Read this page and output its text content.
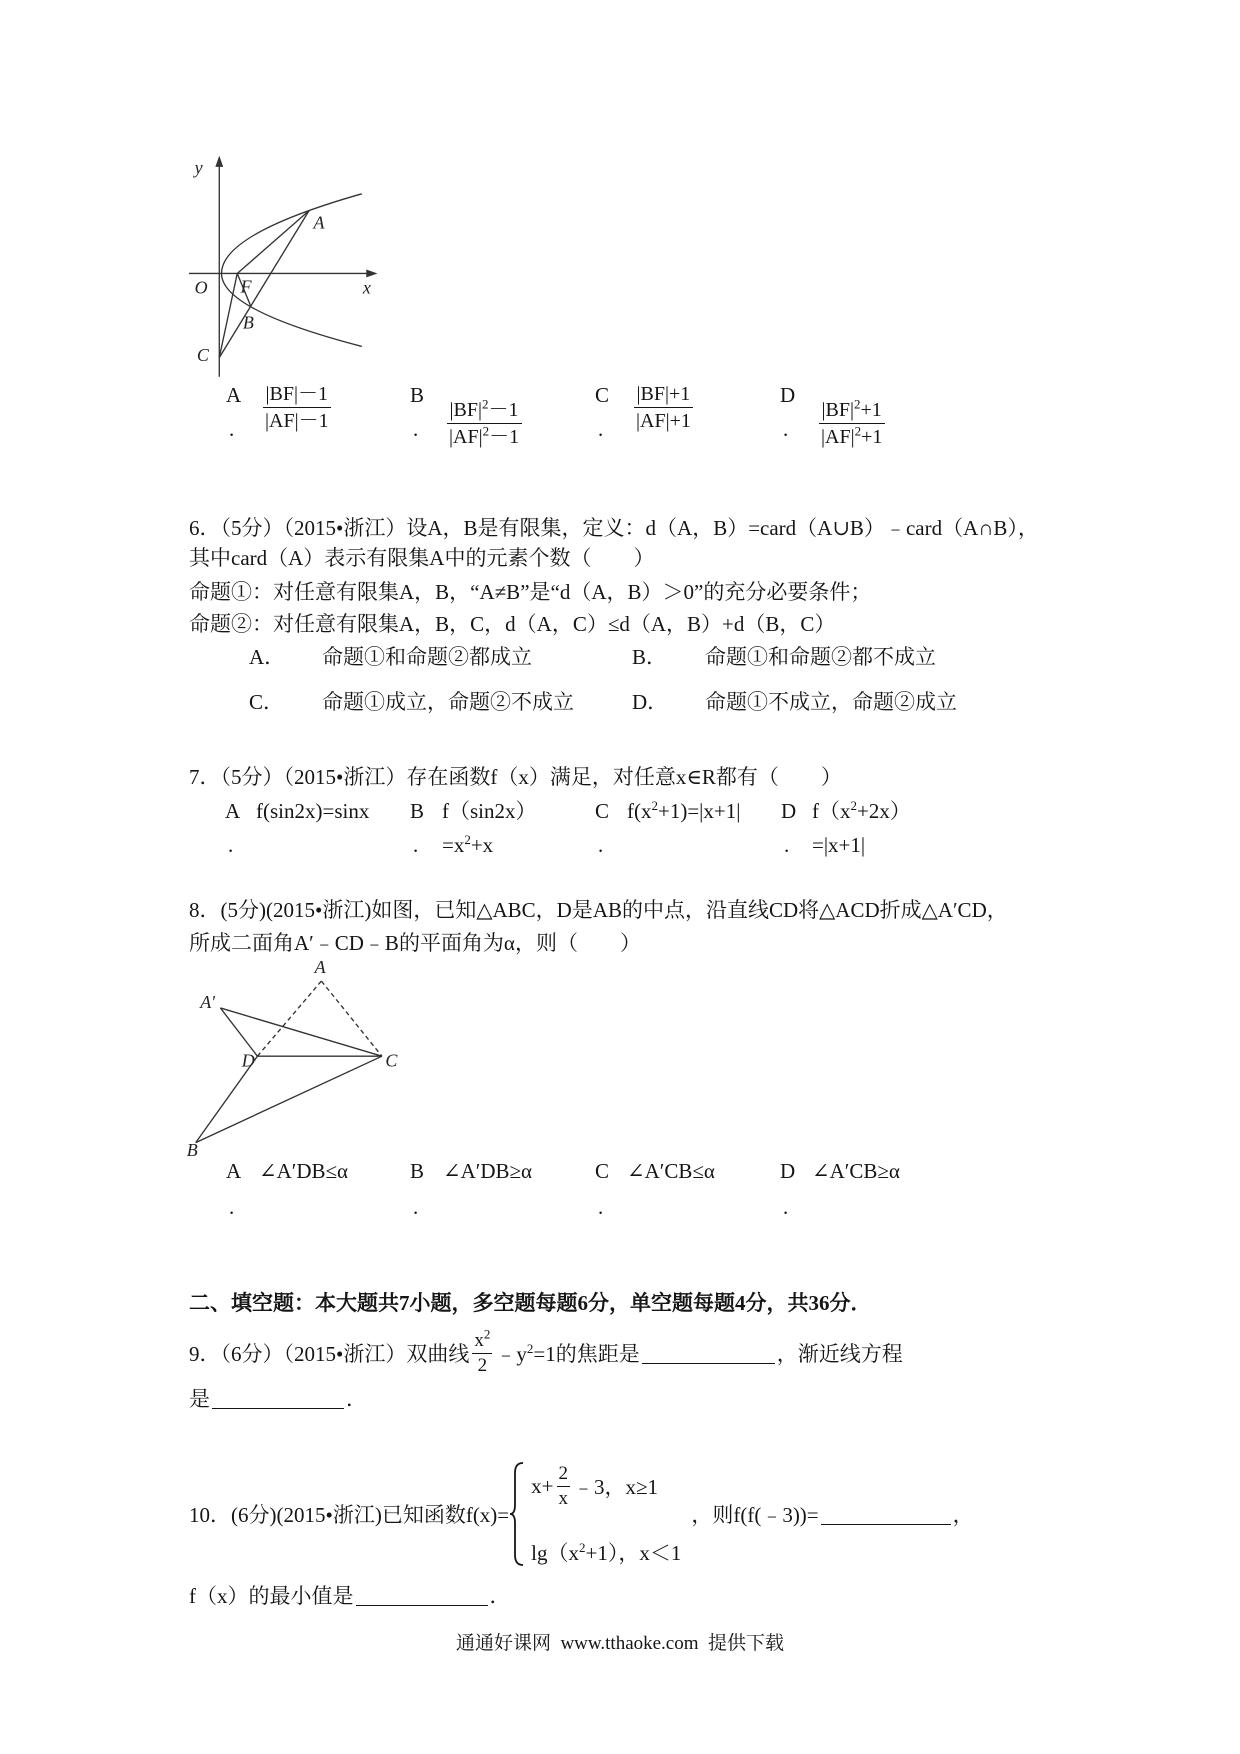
y
A
O F	x
B
C
A
. $\frac{|BF|-1}{|AF|-1}$	B
. $\frac{|BF|^2-1}{|AF|^2-1}$
C
. $\frac{|BF|+1}{|AF|+1}$	D
. $\frac{|BF|^2+1}{|AF|^2+1}$
6．（5分）（2015•浙江）设A，B是有限集，定义：d（A，B）=card（A∪B）﹣card（A∩B），
其中card（A）表示有限集A中的元素个数（　　）
命题①：对任意有限集A，B，“A≠B”是“d（A，B）＞0”的充分必要条件；
命题②：对任意有限集A，B，C，d（A，C）≤d（A，B）+d（B，C）
A． 命题①和命题②都成立	B． 命题①和命题②都不成立
C． 命题①成立，命题②不成立	D． 命题①不成立，命题②成立
7．（5分）（2015•浙江）存在函数f（x）满足，对任意x∈R都有（　　）
A f(sin2x)=sinx
.
B f（sin2x）
. $=x^2+x$
C $f(x^2+1)=|x+1|$
.
D $f(x^2+2x)$
. =|x+1|
8．(5分)(2015•浙江)如图，已知△ABC，D是AB的中点，沿直线CD将△ACD折成△A′CD，
所成二面角A′﹣CD﹣B的平面角为α，则（　　）
A′
A
D	C
B
A ∠A′DB≤α
.
B ∠A′DB≥α
.
C ∠A′CB≤α
.
D ∠A′CB≥α
.
二、填空题：本大题共7小题，多空题每题6分，单空题每题4分，共36分．
9．（6分）（2015•浙江）双曲线 $\frac{x^2}{2}$ $﹣y^2=1$的焦距是	，渐近线方程
是	．
10．(6分)(2015•浙江)已知函数f(x)=
$x+ \frac{2}{x}$ ﹣3，x≥1
$\lg(x^2+1)$，x＜1
，则f(f(﹣3))=	，
f（x）的最小值是	．
通通好课网  www.tthaoke.com  提供下载
